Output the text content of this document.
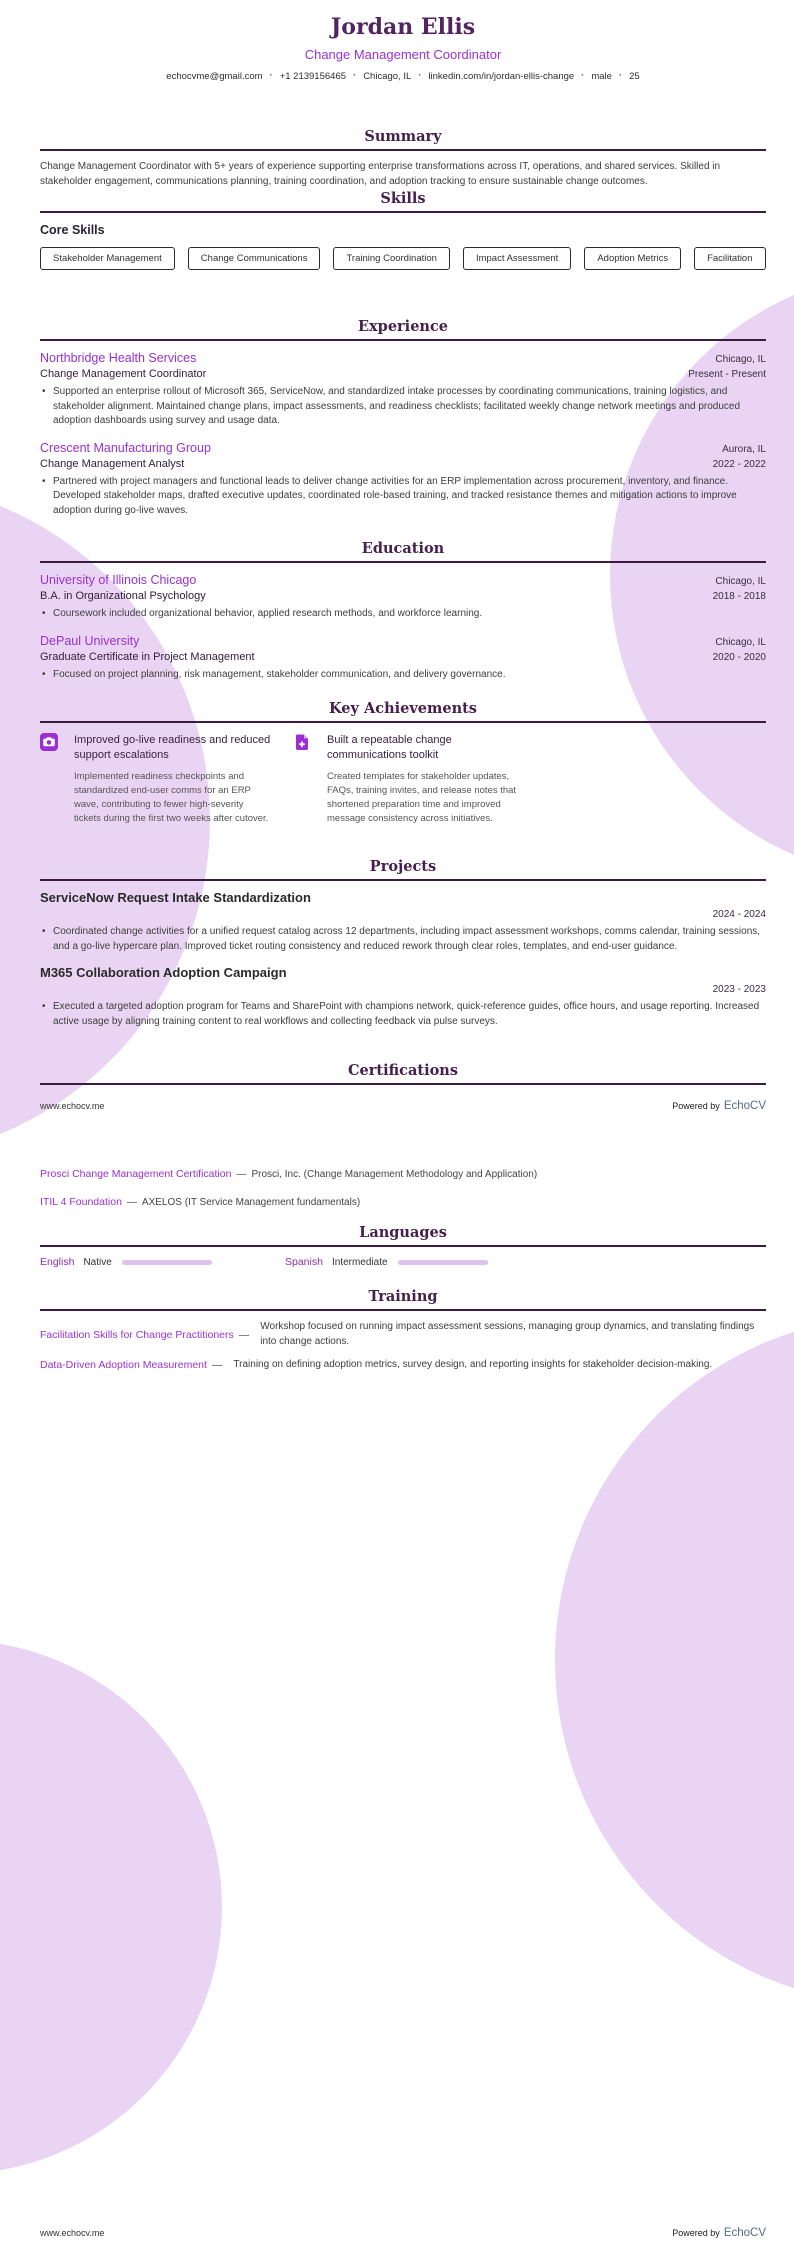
Jordan Ellis
Change Management Coordinator
echocvme@gmail.com · +1 2139156465 · Chicago, IL · linkedin.com/in/jordan-ellis-change · male · 25
Summary

Change Management Coordinator with 5+ years of experience supporting enterprise transformations across IT, operations, and shared services. Skilled in stakeholder engagement, communications planning, training coordination, and adoption tracking to ensure sustainable change outcomes.

Skills
Core Skills
Stakeholder Management	Change Communications	Training Coordination	Impact Assessment	Adoption Metrics	Facilitation
Experience
Northbridge Health Services	Chicago, IL
Change Management Coordinator	Present - Present
• Supported an enterprise rollout of Microsoft 365, ServiceNow, and standardized intake processes by coordinating communications, training logistics, and stakeholder alignment. Maintained change plans, impact assessments, and readiness checklists; facilitated weekly change network meetings and produced adoption dashboards using survey and usage data.
Crescent Manufacturing Group	Aurora, IL
Change Management Analyst	2022 - 2022
• Partnered with project managers and functional leads to deliver change activities for an ERP implementation across procurement, inventory, and finance. Developed stakeholder maps, drafted executive updates, coordinated role-based training, and tracked resistance themes and mitigation actions to improve adoption during go-live waves.
Education
University of Illinois Chicago	Chicago, IL
B.A. in Organizational Psychology	2018 - 2018
• Coursework included organizational behavior, applied research methods, and workforce learning.
DePaul University	Chicago, IL
Graduate Certificate in Project Management	2020 - 2020
• Focused on project planning, risk management, stakeholder communication, and delivery governance.
Key Achievements
Improved go-live readiness and reduced support escalations
Implemented readiness checkpoints and standardized end-user comms for an ERP wave, contributing to fewer high-severity tickets during the first two weeks after cutover.
Built a repeatable change communications toolkit
Created templates for stakeholder updates, FAQs, training invites, and release notes that shortened preparation time and improved message consistency across initiatives.
Projects
ServiceNow Request Intake Standardization
2024 - 2024
• Coordinated change activities for a unified request catalog across 12 departments, including impact assessment workshops, comms calendar, training sessions, and a go-live hypercare plan. Improved ticket routing consistency and reduced rework through clear roles, templates, and end-user guidance.
M365 Collaboration Adoption Campaign
2023 - 2023
• Executed a targeted adoption program for Teams and SharePoint with champions network, quick-reference guides, office hours, and usage reporting. Increased active usage by aligning training content to real workflows and collecting feedback via pulse surveys.
Certifications
www.echocv.me	Powered by EchoCV
Prosci Change Management Certification — Prosci, Inc. (Change Management Methodology and Application)
ITIL 4 Foundation — AXELOS (IT Service Management fundamentals)
Languages
English Native	Spanish Intermediate
Training
Facilitation Skills for Change Practitioners —
Workshop focused on running impact assessment sessions, managing group dynamics, and translating findings into change actions.
Data-Driven Adoption Measurement —	Training on defining adoption metrics, survey design, and reporting insights for stakeholder decision-making.
www.echocv.me	Powered by EchoCV
